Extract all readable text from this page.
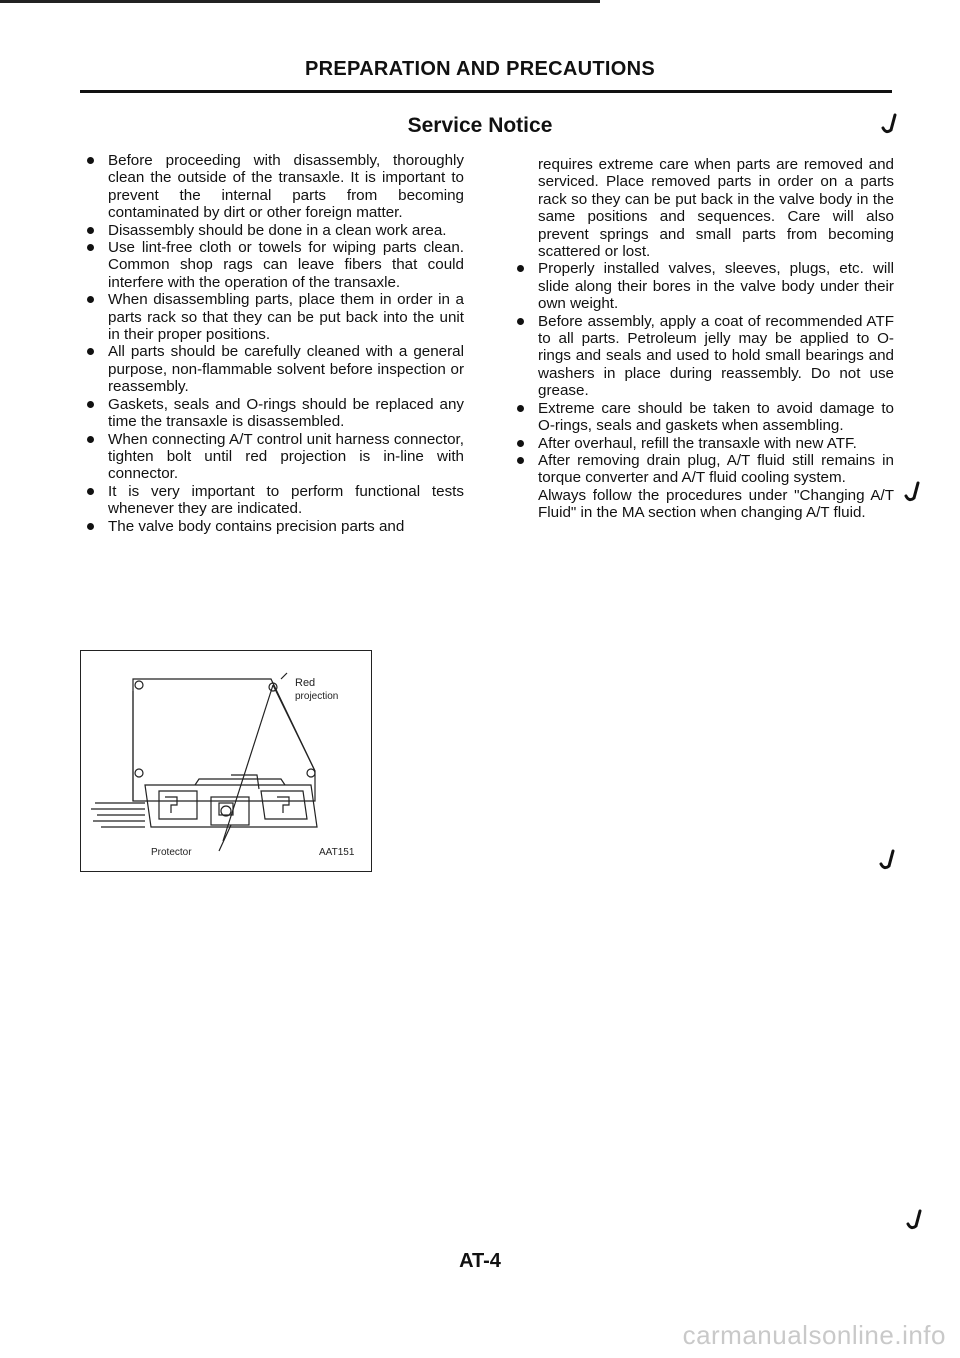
PREPARATION AND PRECAUTIONS
Service Notice

Before proceeding with disassembly, thoroughly clean the outside of the transaxle. It is important to prevent the internal parts from becoming contaminated by dirt or other foreign matter.

Disassembly should be done in a clean work area.

Use lint-free cloth or towels for wiping parts clean. Common shop rags can leave fibers that could interfere with the operation of the transaxle.

When disassembling parts, place them in order in a parts rack so that they can be put back into the unit in their proper positions.

All parts should be carefully cleaned with a general purpose, non-flammable solvent before inspection or reassembly.

Gaskets, seals and O-rings should be replaced any time the transaxle is disassembled.

When connecting A/T control unit harness connector, tighten bolt until red projection is in-line with connector.

It is very important to perform functional tests whenever they are indicated.

The valve body contains precision parts and

requires extreme care when parts are removed and serviced. Place removed parts in order on a parts rack so they can be put back in the valve body in the same positions and sequences. Care will also prevent springs and small parts from becoming scattered or lost.

Properly installed valves, sleeves, plugs, etc. will slide along their bores in the valve body under their own weight.

Before assembly, apply a coat of recommended ATF to all parts. Petroleum jelly may be applied to O-rings and seals and used to hold small bearings and washers in place during reassembly. Do not use grease.

Extreme care should be taken to avoid damage to O-rings, seals and gaskets when assembling.

After overhaul, refill the transaxle with new ATF.

After removing drain plug, A/T fluid still remains in torque converter and A/T fluid cooling system.

Always follow the procedures under "Changing A/T Fluid" in the MA section when changing A/T fluid.

Red
projection
Protector	AAT151
AT-4
carmanualsonline.info
